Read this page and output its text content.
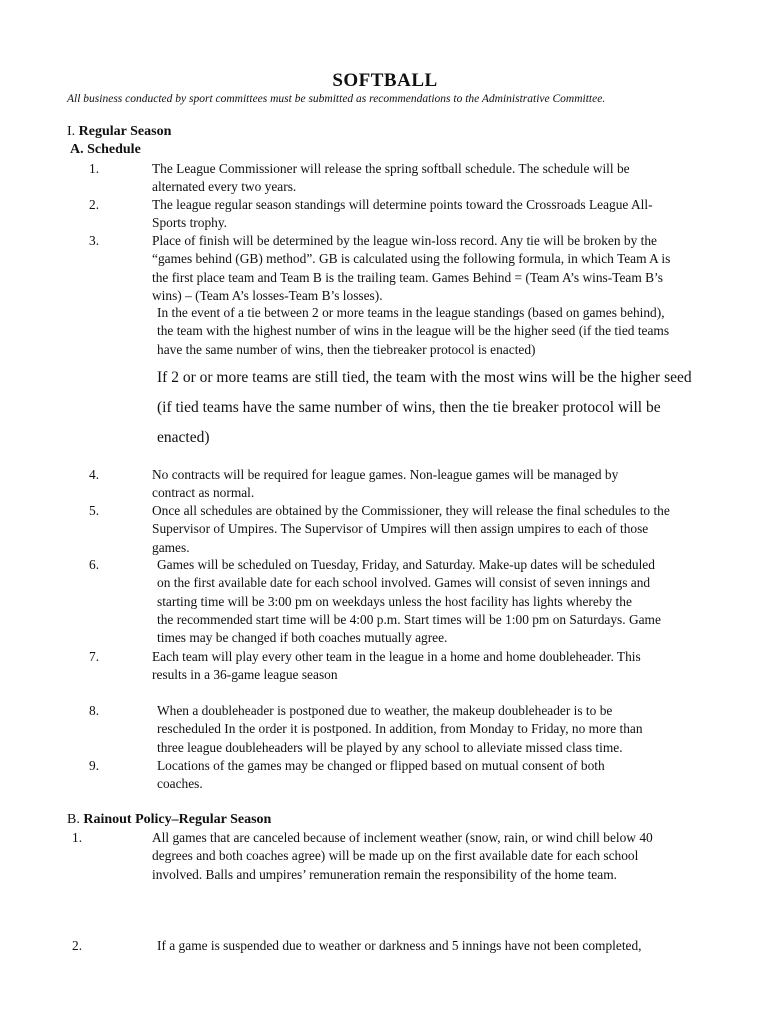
SOFTBALL
All business conducted by sport committees must be submitted as recommendations to the Administrative Committee.
I. Regular Season
A. Schedule
1.	The League Commissioner will release the spring softball schedule. The schedule will be
alternated every two years.
2.	The league regular season standings will determine points toward the Crossroads League All-
Sports trophy.
3.	Place of finish will be determined by the league win-loss record. Any tie will be broken by the
“games behind (GB) method”. GB is calculated using the following formula, in which Team A is
the first place team and Team B is the trailing team. Games Behind = (Team A’s wins-Team B’s
wins) – (Team A’s losses-Team B’s losses).
In the event of a tie between 2 or more teams in the league standings (based on games behind),
the team with the highest number of wins in the league will be the higher seed (if the tied teams
have the same number of wins, then the tiebreaker protocol is enacted)
If 2 or or more teams are still tied, the team with the most wins will be the higher seed
(if tied teams have the same number of wins, then the tie breaker protocol will be
enacted)
4.	No contracts will be required for league games. Non-league games will be managed by
contract as normal.
5.	Once all schedules are obtained by the Commissioner, they will release the final schedules to the
Supervisor of Umpires. The Supervisor of Umpires will then assign umpires to each of those
games.
6.	Games will be scheduled on Tuesday, Friday, and Saturday. Make-up dates will be scheduled
on the first available date for each school involved. Games will consist of seven innings and
starting time will be 3:00 pm on weekdays unless the host facility has lights whereby the
the recommended start time will be 4:00 p.m. Start times will be 1:00 pm on Saturdays. Game
times may be changed if both coaches mutually agree.
7.	Each team will play every other team in the league in a home and home doubleheader. This
results in a 36-game league season
8.	When a doubleheader is postponed due to weather, the makeup doubleheader is to be
rescheduled In the order it is postponed. In addition, from Monday to Friday, no more than
three league doubleheaders will be played by any school to alleviate missed class time.
9.	Locations of the games may be changed or flipped based on mutual consent of both
coaches.
B. Rainout Policy–Regular Season
1.	All games that are canceled because of inclement weather (snow, rain, or wind chill below 40
degrees and both coaches agree) will be made up on the first available date for each school
involved. Balls and umpires’ remuneration remain the responsibility of the home team.
2.	If a game is suspended due to weather or darkness and 5 innings have not been completed,
